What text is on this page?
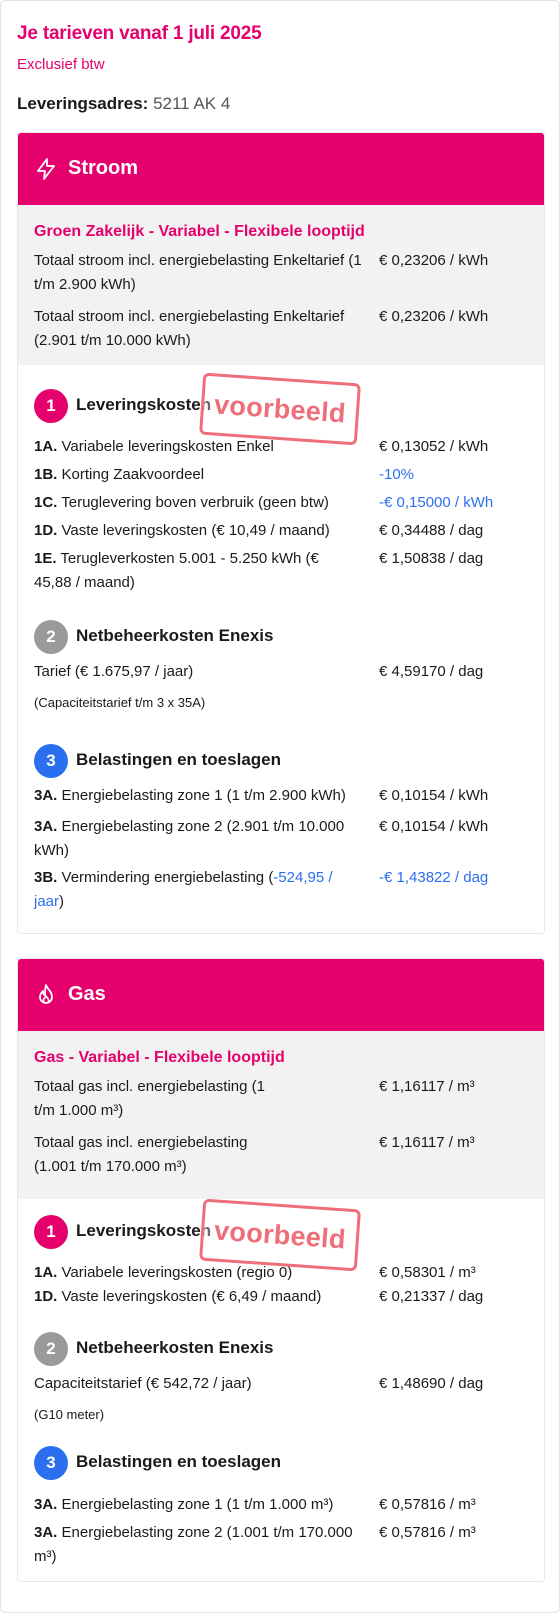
Je tarieven vanaf 1 juli 2025
Exclusief btw
Leveringsadres: 5211 AK 4
Stroom
Groen Zakelijk - Variabel - Flexibele looptijd
Totaal stroom incl. energiebelasting Enkeltarief (1 t/m 2.900 kWh)
€ 0,23206 / kWh
Totaal stroom incl. energiebelasting Enkeltarief (2.901 t/m 10.000 kWh)
€ 0,23206 / kWh
1	Leveringskosten
1A. Variabele leveringskosten Enkel	€ 0,13052 / kWh
1B. Korting Zaakvoordeel	-10%
1C. Teruglevering boven verbruik (geen btw)	-€ 0,15000 / kWh
1D. Vaste leveringskosten (€ 10,49 / maand)	€ 0,34488 / dag
1E. Terugleverkosten 5.001 - 5.250 kWh (€ 45,88 / maand)
€ 1,50838 / dag
voorbeeld
2	Netbeheerkosten Enexis
Tarief (€ 1.675,97 / jaar)	€ 4,59170 / dag
(Capaciteitstarief t/m 3 x 35A)
3	Belastingen en toeslagen
3A. Energiebelasting zone 1 (1 t/m 2.900 kWh)	€ 0,10154 / kWh
3A. Energiebelasting zone 2 (2.901 t/m 10.000 kWh)
€ 0,10154 / kWh
3B. Vermindering energiebelasting (-524,95 / jaar)
-€ 1,43822 / dag
Gas
Gas - Variabel - Flexibele looptijd
Totaal gas incl. energiebelasting (1 t/m 1.000 m³)
€ 1,16117 / m³
Totaal gas incl. energiebelasting (1.001 t/m 170.000 m³)
€ 1,16117 / m³
1	Leveringskosten
1A. Variabele leveringskosten (regio 0)	€ 0,58301 / m³
1D. Vaste leveringskosten (€ 6,49 / maand)	€ 0,21337 / dag
voorbeeld
2	Netbeheerkosten Enexis
Capaciteitstarief (€ 542,72 / jaar)	€ 1,48690 / dag
(G10 meter)
3	Belastingen en toeslagen
3A. Energiebelasting zone 1 (1 t/m 1.000 m³)	€ 0,57816 / m³
3A. Energiebelasting zone 2 (1.001 t/m 170.000 m³)
€ 0,57816 / m³
